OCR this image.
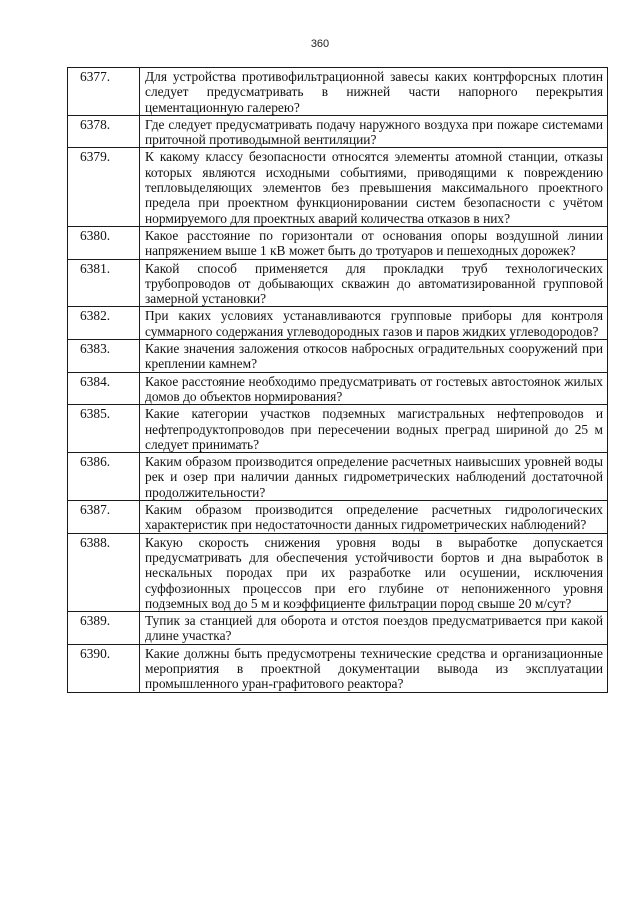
360
6377.	Для устройства противофильтрационной завесы каких контрфорсных плотин следует предусматривать в нижней части напорного перекрытия цементационную галерею?
6378.	Где следует предусматривать подачу наружного воздуха при пожаре системами приточной противодымной вентиляции?
6379.	К какому классу безопасности относятся элементы атомной станции, отказы которых являются исходными событиями, приводящими к повреждению тепловыделяющих элементов без превышения максимального проектного предела при проектном функционировании систем безопасности с учётом нормируемого для проектных аварий количества отказов в них?
6380.	Какое расстояние по горизонтали от основания опоры воздушной линии напряжением выше 1 кВ может быть до тротуаров и пешеходных дорожек?
6381.	Какой способ применяется для прокладки труб технологических трубопроводов от добывающих скважин до автоматизированной групповой замерной установки?
6382.	При каких условиях устанавливаются групповые приборы для контроля суммарного содержания углеводородных газов и паров жидких углеводородов?
6383.	Какие значения заложения откосов набросных оградительных сооружений при креплении камнем?
6384.	Какое расстояние необходимо предусматривать от гостевых автостоянок жилых домов до объектов нормирования?
6385.	Какие категории участков подземных магистральных нефтепроводов и нефтепродуктопроводов при пересечении водных преград шириной до 25 м следует принимать?
6386.	Каким образом производится определение расчетных наивысших уровней воды рек и озер при наличии данных гидрометрических наблюдений достаточной продолжительности?
6387.	Каким образом производится определение расчетных гидрологических характеристик при недостаточности данных гидрометрических наблюдений?
6388.	Какую скорость снижения уровня воды в выработке допускается предусматривать для обеспечения устойчивости бортов и дна выработок в нескальных породах при их разработке или осушении, исключения суффозионных процессов при его глубине от непониженного уровня подземных вод до 5 м и коэффициенте фильтрации пород свыше 20 м/сут?
6389.	Тупик за станцией для оборота и отстоя поездов предусматривается при какой длине участка?
6390.	Какие должны быть предусмотрены технические средства и организационные мероприятия в проектной документации вывода из эксплуатации промышленного уран-графитового реактора?
